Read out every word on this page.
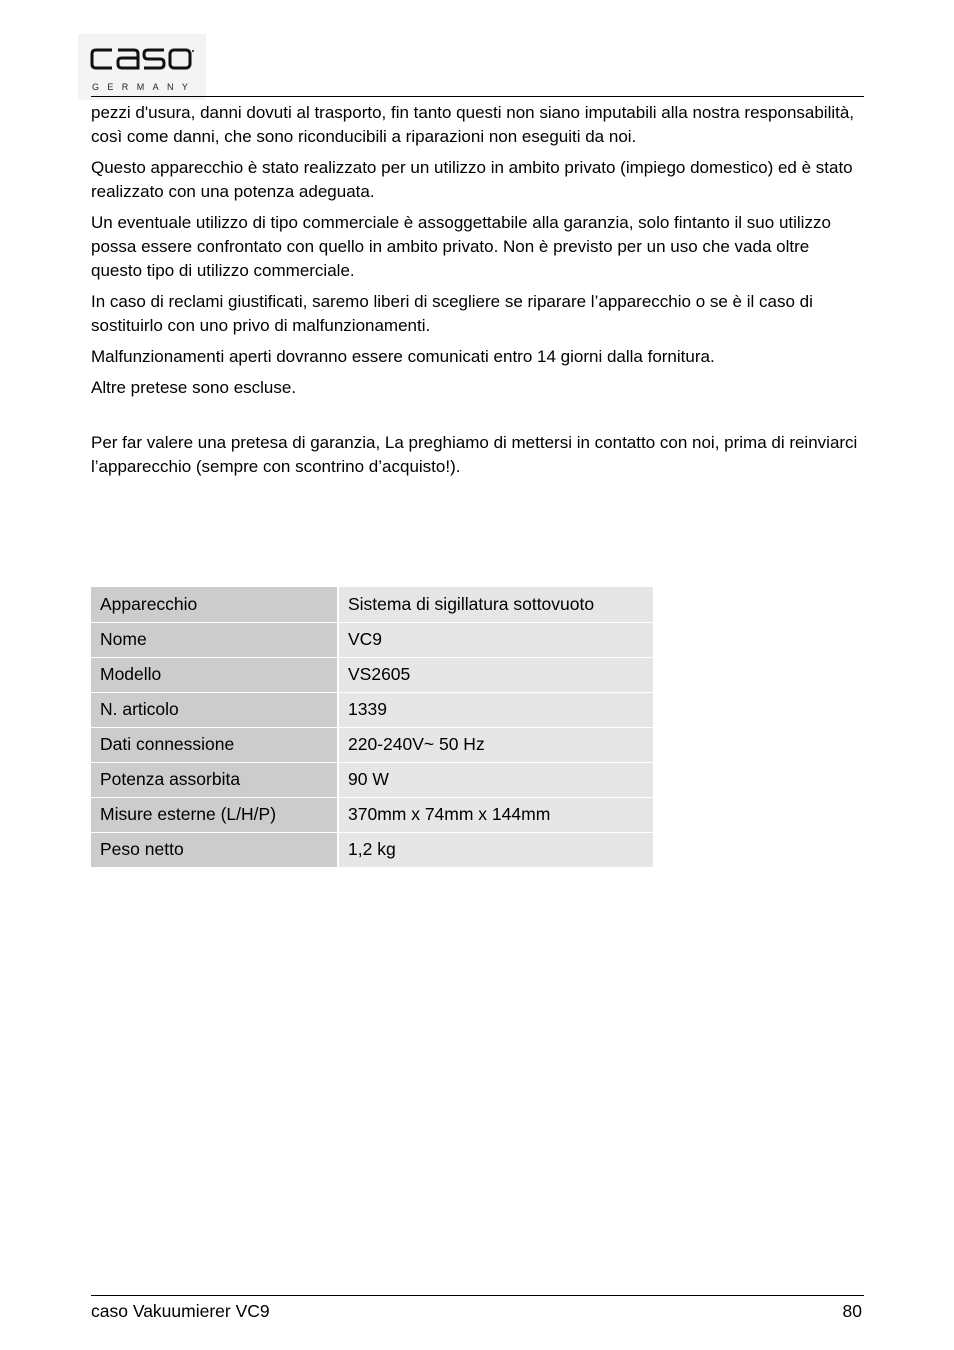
GERMANY

pezzi d'usura, danni dovuti al trasporto, fin tanto questi non siano imputabili alla nostra responsabilità, così come danni, che sono riconducibili a riparazioni non eseguiti da noi.

Questo apparecchio è stato realizzato per un utilizzo in ambito privato (impiego domestico) ed è stato realizzato con una potenza adeguata.

Un eventuale utilizzo di tipo commerciale è assoggettabile alla garanzia, solo fintanto il suo utilizzo possa essere confrontato con quello in ambito privato. Non è previsto per un uso che vada oltre questo tipo di utilizzo commerciale.

In caso di reclami giustificati, saremo liberi di scegliere se riparare l’apparecchio o se è il caso di sostituirlo con uno privo di malfunzionamenti.

Malfunzionamenti aperti dovranno essere comunicati entro 14 giorni dalla fornitura.

Altre pretese sono escluse.

Per far valere una pretesa di garanzia, La preghiamo di mettersi in contatto con noi, prima di reinviarci l’apparecchio (sempre con scontrino d’acquisto!).

Apparecchio	Sistema di sigillatura sottovuoto
Nome	VC9
Modello	VS2605
N. articolo	1339
Dati connessione	220-240V~ 50 Hz
Potenza assorbita	90 W
Misure esterne (L/H/P)	370mm x 74mm x 144mm
Peso netto	1,2 kg
caso Vakuumierer VC9	80
